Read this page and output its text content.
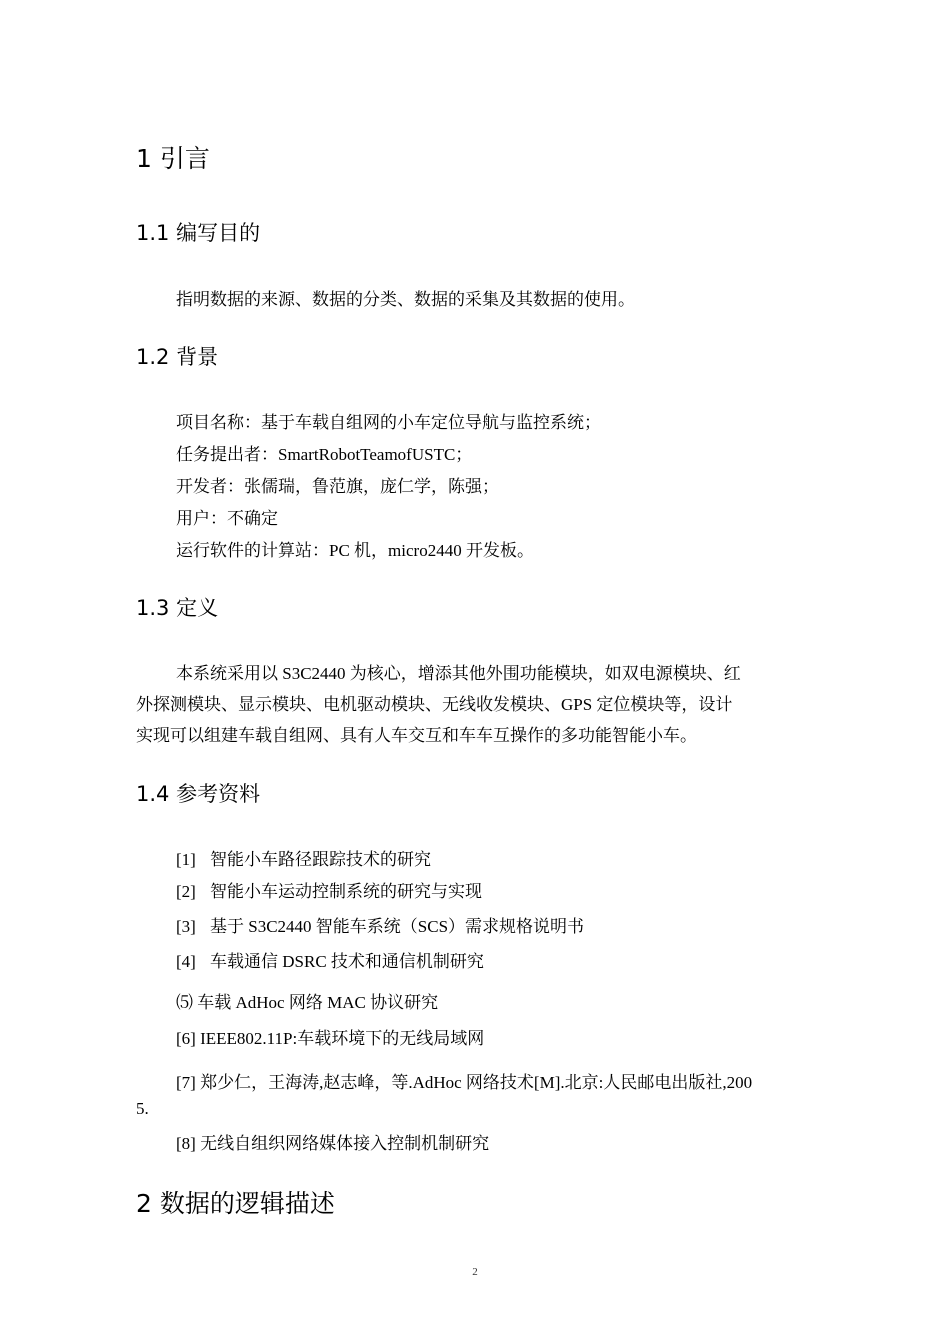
1 引言
1.1 编写目的

指明数据的来源、数据的分类、数据的采集及其数据的使用。

1.2 背景

项目名称：基于车载自组网的小车定位导航与监控系统；

任务提出者：SmartRobotTeamofUSTC；

开发者：张儒瑞，鲁范旗，庞仁学，陈强；

用户：不确定

运行软件的计算站：PC 机，micro2440 开发板。

1.3 定义

本系统采用以 S3C2440 为核心，增添其他外围功能模块，如双电源模块、红

外探测模块、显示模块、电机驱动模块、无线收发模块、GPS 定位模块等，设计

实现可以组建车载自组网、具有人车交互和车车互操作的多功能智能小车。

1.4 参考资料

[1] 智能小车路径跟踪技术的研究

[2] 智能小车运动控制系统的研究与实现

[3] 基于 S3C2440 智能车系统（SCS）需求规格说明书

[4] 车载通信 DSRC 技术和通信机制研究

⑸ 车载 AdHoc 网络 MAC 协议研究

[6] IEEE802.11P:车载环境下的无线局域网

[7] 郑少仁，王海涛,赵志峰，等.AdHoc 网络技术[M].北京:人民邮电出版社,200

5.

[8] 无线自组织网络媒体接入控制机制研究

2 数据的逻辑描述
2
